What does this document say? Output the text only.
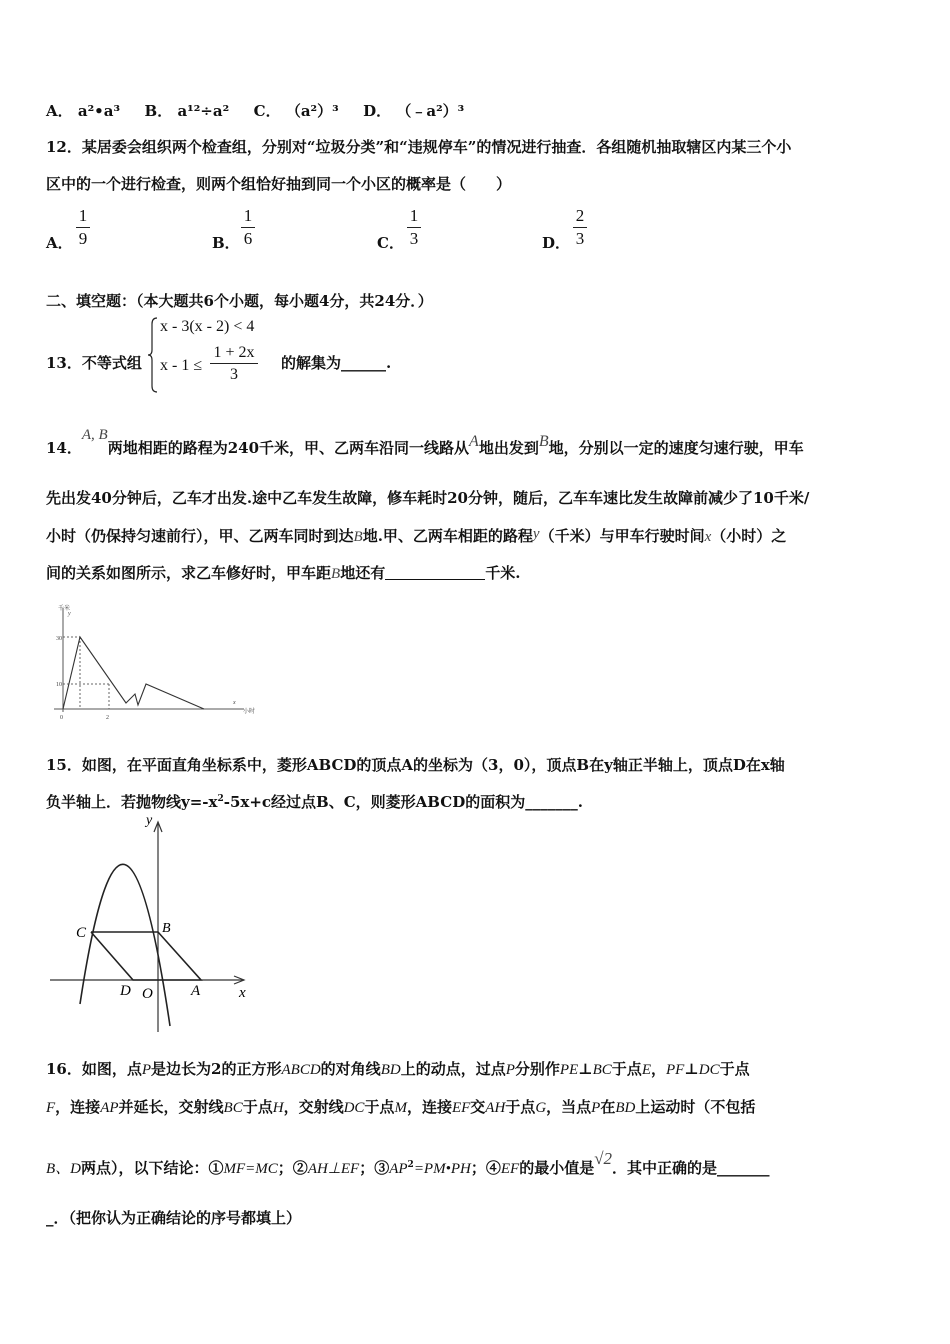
A． a²•a³ B． a¹²÷a² C． （a²）³ D． （﹣a²）³
12．某居委会组织两个检查组，分别对“垃圾分类”和“违规停车”的情况进行抽查．各组随机抽取辖区内某三个小
区中的一个进行检查，则两个组恰好抽到同一个小区的概率是（　　）
A．
1
9	B．
1
6	C．
1
3	D．
2
3
二、填空题：（本大题共6个小题，每小题4分，共24分．）
13．不等式组
x - 3(x - 2) < 4
x - 1 ≤
1 + 2x
3
的解集为______.
14．A, B两地相距的路程为240千米，甲、乙两车沿同一线路从A地出发到B地，分别以一定的速度匀速行驶，甲车
先出发40分钟后，乙车才出发.途中乙车发生故障，修车耗时20分钟，随后，乙车车速比发生故障前减少了10千米/
小时（仍保持匀速前行），甲、乙两车同时到达B地.甲、乙两车相距的路程y（千米）与甲车行驶时间x（小时）之
间的关系如图所示，求乙车修好时，甲车距B地还有	千米.
千米
y
x
小时
30
10
0	2
15．如图，在平面直角坐标系中，菱形ABCD的顶点A的坐标为（3，0），顶点B在y轴正半轴上，顶点D在x轴
负半轴上．若抛物线$y=-x^2-5x+c$经过点B、C，则菱形ABCD的面积为_______.
y
C	B
D O	A	x
16．如图，点P是边长为2的正方形ABCD的对角线BD上的动点，过点P分别作PE⊥BC于点E，PF⊥DC于点
F，连接AP并延长，交射线BC于点H，交射线DC于点M，连接EF交AH于点G，当点P在BD上运动时（不包括
B、D两点），以下结论：①MF=MC；②AH⊥EF；$③AP^2=PM•PH$；④EF的最小值是√2．其中正确的是_______
_．（把你认为正确结论的序号都填上）
